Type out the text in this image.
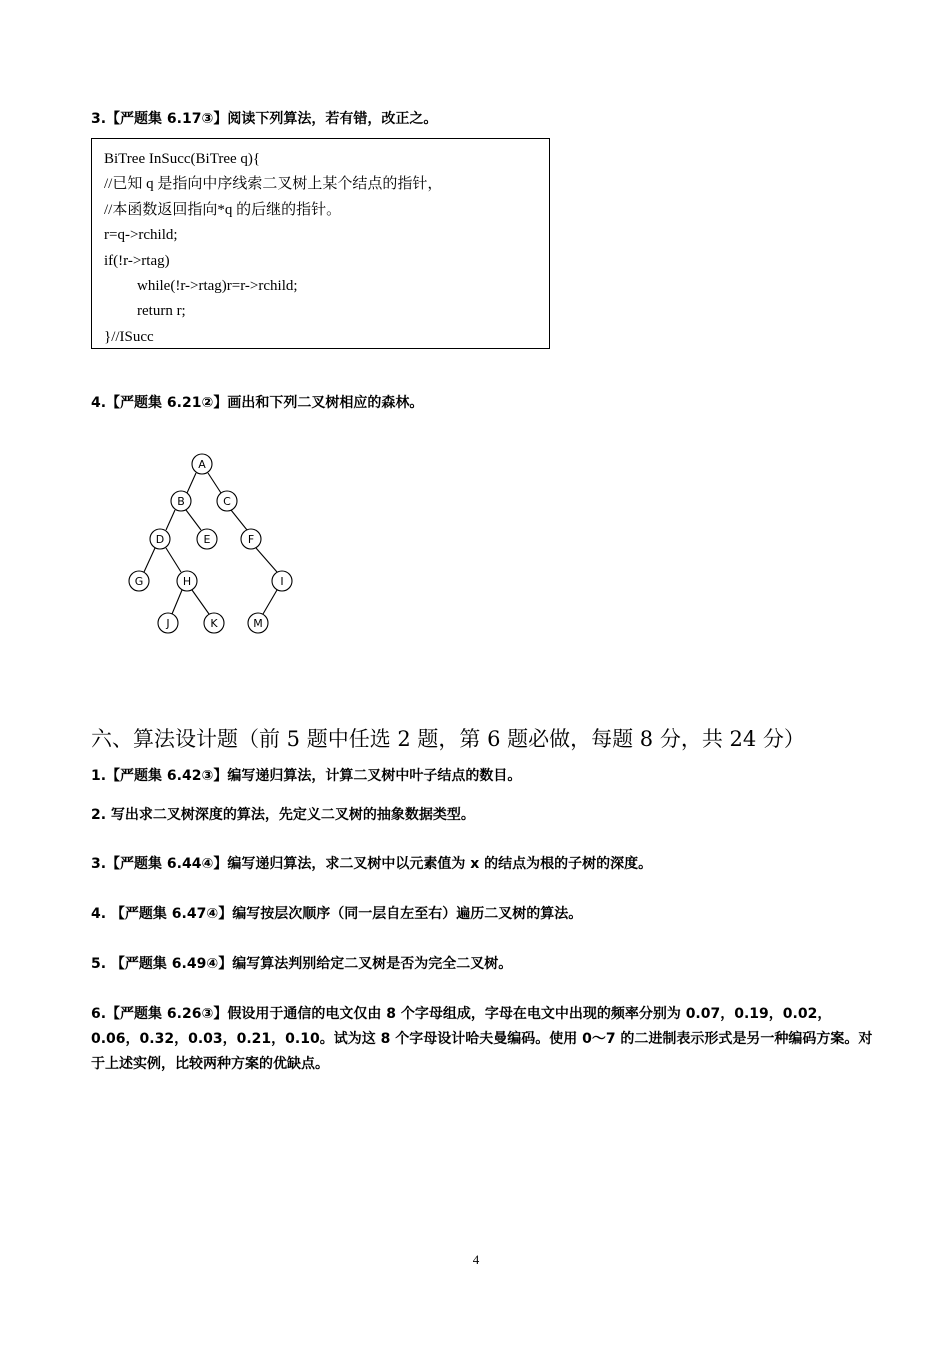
3.【严题集 6.17③】阅读下列算法，若有错，改正之。
BiTree InSucc(BiTree q){
//已知 q 是指向中序线索二叉树上某个结点的指针，
//本函数返回指向*q 的后继的指针。
r=q->rchild;
if(!r->rtag)
while(!r->rtag)r=r->rchild;
return r;
}//ISucc
4.【严题集 6.21②】画出和下列二叉树相应的森林。
A
B	C
D	E	F
G	H	I
J	K	M
六、算法设计题（前 5 题中任选 2 题，第 6 题必做，每题 8 分，共 24 分）
1.【严题集 6.42③】编写递归算法，计算二叉树中叶子结点的数目。
2. 写出求二叉树深度的算法，先定义二叉树的抽象数据类型。
3.【严题集 6.44④】编写递归算法，求二叉树中以元素值为 x 的结点为根的子树的深度。
4. 【严题集 6.47④】编写按层次顺序（同一层自左至右）遍历二叉树的算法。
5. 【严题集 6.49④】编写算法判别给定二叉树是否为完全二叉树。
6.【严题集 6.26③】假设用于通信的电文仅由 8 个字母组成，字母在电文中出现的频率分别为 0.07，0.19，0.02，0.06，0.32，0.03，0.21，0.10。试为这 8 个字母设计哈夫曼编码。使用 0～7 的二进制表示形式是另一种编码方案。对于上述实例，比较两种方案的优缺点。
4
